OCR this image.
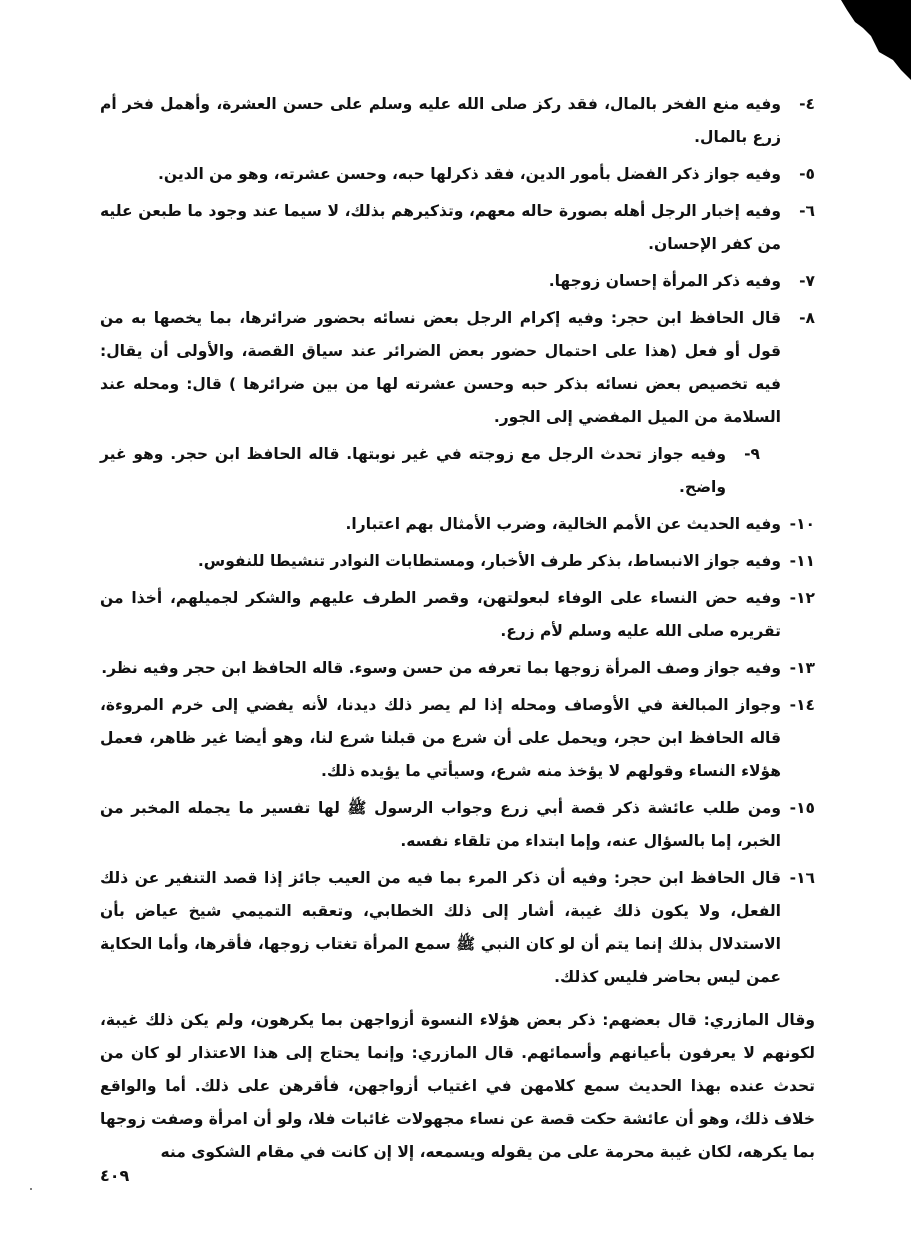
٤-
وفيه منع الفخر بالمال، فقد ركز صلى الله عليه وسلم على حسن العشرة، وأهمل فخر أم زرع بالمال.
٥-
وفيه جواز ذكر الفضل بأمور الدين، فقد ذكرلها حبه، وحسن عشرته، وهو من الدين.
٦-
وفيه إخبار الرجل أهله بصورة حاله معهم، وتذكيرهم بذلك، لا سيما عند وجود ما طبعن عليه من كفر الإحسان.
٧-
وفيه ذكر المرأة إحسان زوجها.
٨-
قال الحافظ ابن حجر: وفيه إكرام الرجل بعض نسائه بحضور ضرائرها، بما يخصها به من قول أو فعل (هذا على احتمال حضور بعض الضرائر عند سياق القصة، والأولى أن يقال: فيه تخصيص بعض نسائه بذكر حبه وحسن عشرته لها من بين ضرائرها ) قال: ومحله عند السلامة من الميل المفضي إلى الجور.
٩-
وفيه جواز تحدث الرجل مع زوجته في غير نوبتها. قاله الحافظ ابن حجر. وهو غير واضح.
١٠-
وفيه الحديث عن الأمم الخالية، وضرب الأمثال بهم اعتبارا.
١١-
وفيه جواز الانبساط، بذكر طرف الأخبار، ومستطابات النوادر تنشيطا للنفوس.
١٢-
وفيه حض النساء على الوفاء لبعولتهن، وقصر الطرف عليهم والشكر لجميلهم، أخذا من تقريره صلى الله عليه وسلم لأم زرع.
١٣-
وفيه جواز وصف المرأة زوجها بما تعرفه من حسن وسوء. قاله الحافظ ابن حجر وفيه نظر.
١٤-
وجواز المبالغة في الأوصاف ومحله إذا لم يصر ذلك ديدنا، لأنه يفضي إلى خرم المروءة، قاله الحافظ ابن حجر، ويحمل على أن شرع من قبلنا شرع لنا، وهو أيضا غير ظاهر، فعمل هؤلاء النساء وقولهم لا يؤخذ منه شرع، وسيأتي ما يؤيده ذلك.
١٥-
ومن طلب عائشة ذكر قصة أبي زرع وجواب الرسول ﷺ لها تفسير ما يجمله المخبر من الخبر، إما بالسؤال عنه، وإما ابتداء من تلقاء نفسه.
١٦-
قال الحافظ ابن حجر: وفيه أن ذكر المرء بما فيه من العيب جائز إذا قصد التنفير عن ذلك الفعل، ولا يكون ذلك غيبة، أشار إلى ذلك الخطابي، وتعقبه التميمي شيخ عياض بأن الاستدلال بذلك إنما يتم أن لو كان النبي ﷺ سمع المرأة تغتاب زوجها، فأقرها، وأما الحكاية عمن ليس بحاضر فليس كذلك.

وقال المازري: قال بعضهم: ذكر بعض هؤلاء النسوة أزواجهن بما يكرهون، ولم يكن ذلك غيبة، لكونهم لا يعرفون بأعيانهم وأسمائهم. قال المازري: وإنما يحتاج إلى هذا الاعتذار لو كان من تحدث عنده بهذا الحديث سمع كلامهن في اغتياب أزواجهن، فأقرهن على ذلك. أما والواقع خلاف ذلك، وهو أن عائشة حكت قصة عن نساء مجهولات غائبات فلا، ولو أن امرأة وصفت زوجها بما يكرهه، لكان غيبة محرمة على من يقوله ويسمعه، إلا إن كانت في مقام الشكوى منه

٤٠٩
